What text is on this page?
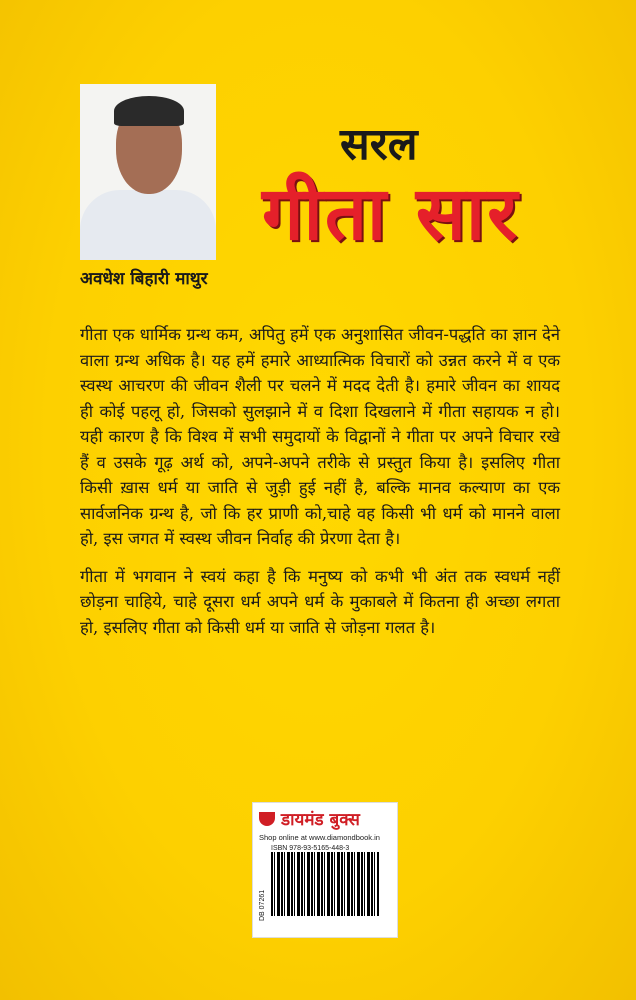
अवधेश बिहारी माथुर
सरल
गीता सार

गीता एक धार्मिक ग्रन्थ कम, अपितु हमें एक अनुशासित जीवन-पद्धति का ज्ञान देने वाला ग्रन्थ अधिक है। यह हमें हमारे आध्यात्मिक विचारों को उन्नत करने में व एक स्वस्थ आचरण की जीवन शैली पर चलने में मदद देती है। हमारे जीवन का शायद ही कोई पहलू हो, जिसको सुलझाने में व दिशा दिखलाने में गीता सहायक न हो। यही कारण है कि विश्व में सभी समुदायों के विद्वानों ने गीता पर अपने विचार रखे हैं व उसके गूढ़ अर्थ को, अपने-अपने तरीके से प्रस्तुत किया है। इसलिए गीता किसी ख़ास धर्म या जाति से जुड़ी हुई नहीं है, बल्कि मानव कल्याण का एक सार्वजनिक ग्रन्थ है, जो कि हर प्राणी को,चाहे वह किसी भी धर्म को मानने वाला हो, इस जगत में स्वस्थ जीवन निर्वाह की प्रेरणा देता है।

गीता में भगवान ने स्वयं कहा है कि मनुष्य को कभी भी अंत तक स्वधर्म नहीं छोड़ना चाहिये, चाहे दूसरा धर्म अपने धर्म के मुकाबले में कितना ही अच्छा लगता हो, इसलिए गीता को किसी धर्म या जाति से जोड़ना गलत है।

डायमंड बुक्स
Shop online at www.diamondbook.in
ISBN 978-93-5165-448-3
DB 07261
